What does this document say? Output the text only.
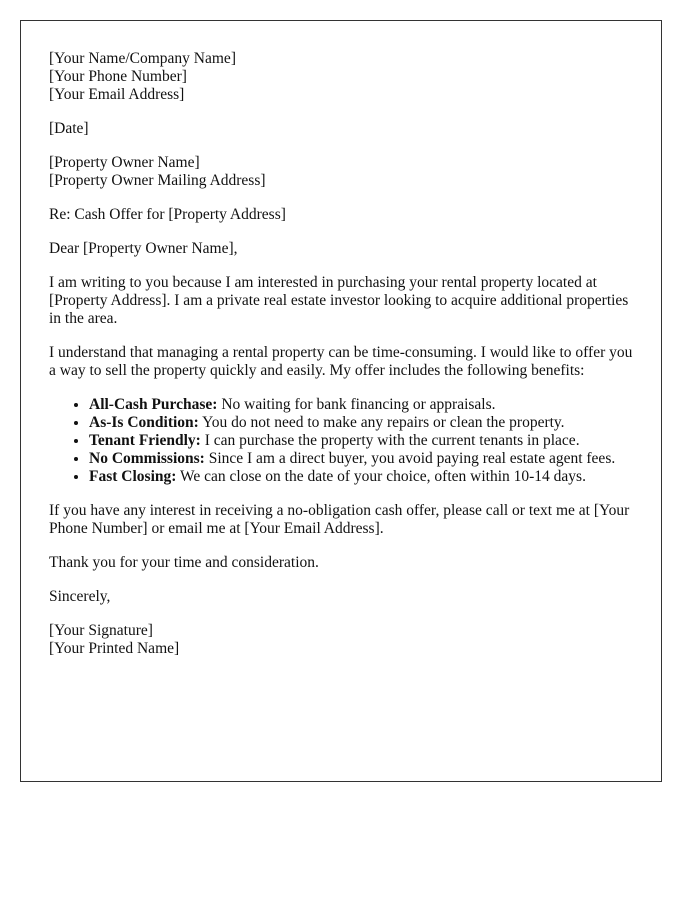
[Your Name/Company Name]
[Your Phone Number]
[Your Email Address]

[Date]

[Property Owner Name]
[Property Owner Mailing Address]

Re: Cash Offer for [Property Address]

Dear [Property Owner Name],

I am writing to you because I am interested in purchasing your rental property located at [Property Address]. I am a private real estate investor looking to acquire additional properties in the area.

I understand that managing a rental property can be time-consuming. I would like to offer you a way to sell the property quickly and easily. My offer includes the following benefits:

• All-Cash Purchase: No waiting for bank financing or appraisals.
• As-Is Condition: You do not need to make any repairs or clean the property.
• Tenant Friendly: I can purchase the property with the current tenants in place.
• No Commissions: Since I am a direct buyer, you avoid paying real estate agent fees.
• Fast Closing: We can close on the date of your choice, often within 10-14 days.

If you have any interest in receiving a no-obligation cash offer, please call or text me at [Your Phone Number] or email me at [Your Email Address].

Thank you for your time and consideration.

Sincerely,

[Your Signature]
[Your Printed Name]
